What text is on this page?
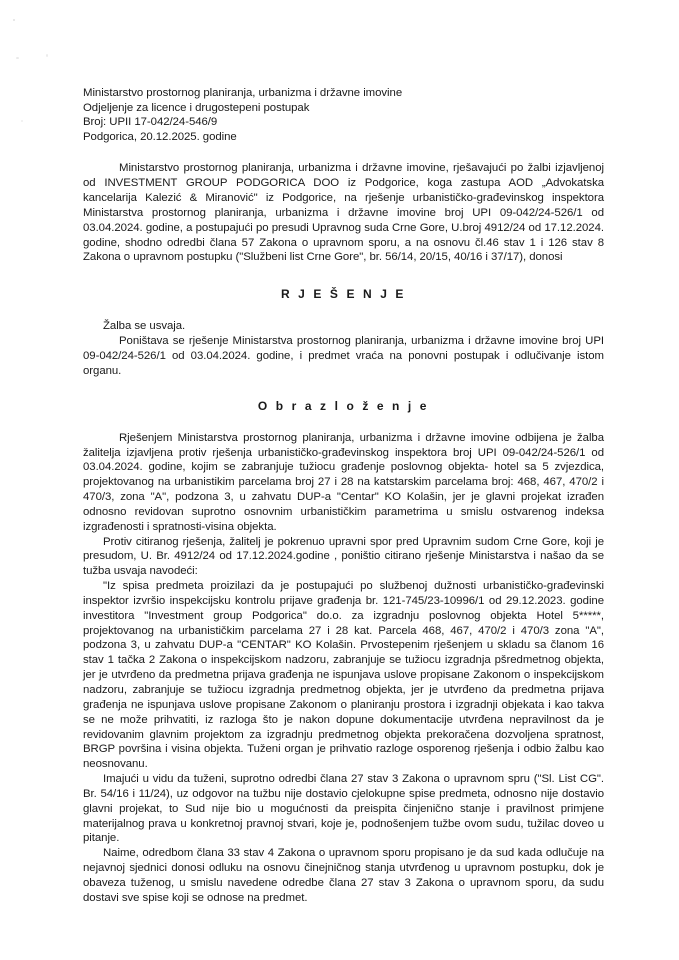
Ministarstvo prostornog planiranja, urbanizma i državne imovine
Odjeljenje za licence i drugostepeni postupak
Broj: UPII 17-042/24-546/9
Podgorica, 20.12.2025. godine

Ministarstvo prostornog planiranja, urbanizma i državne imovine, rješavajući po žalbi izjavljenoj od INVESTMENT GROUP PODGORICA DOO iz Podgorice, koga zastupa AOD „Advokatska kancelarija Kalezić & Miranović" iz Podgorice, na rješenje urbanističko-građevinskog inspektora Ministarstva prostornog planiranja, urbanizma i državne imovine broj UPI 09-042/24-526/1 od 03.04.2024. godine, a postupajući po presudi Upravnog suda Crne Gore, U.broj 4912/24 od 17.12.2024. godine, shodno odredbi člana 57 Zakona o upravnom sporu, a na osnovu čl.46 stav 1 i 126 stav 8 Zakona o upravnom postupku ("Službeni list Crne Gore", br. 56/14, 20/15, 40/16 i 37/17), donosi

R J E Š E N J E

Žalba se usvaja.

Poništava se rješenje Ministarstva prostornog planiranja, urbanizma i državne imovine broj UPI 09-042/24-526/1 od 03.04.2024. godine, i predmet vraća na ponovni postupak i odlučivanje istom organu.

O b r a z l o ž e n j e

Rješenjem Ministarstva prostornog planiranja, urbanizma i državne imovine odbijena je žalba žalitelja izjavljena protiv rješenja urbanističko-građevinskog inspektora broj UPI 09-042/24-526/1 od 03.04.2024. godine, kojim se zabranjuje tužiocu građenje poslovnog objekta- hotel sa 5 zvjezdica, projektovanog na urbanistikim parcelama broj 27 i 28 na katstarskim parcelama broj: 468, 467, 470/2 i 470/3, zona "A", podzona 3, u zahvatu DUP-a "Centar" KO Kolašin, jer je glavni projekat izrađen odnosno revidovan suprotno osnovnim urbanističkim parametrima u smislu ostvarenog indeksa izgrađenosti i spratnosti-visina objekta.

Protiv citiranog rješenja, žalitelj je pokrenuo upravni spor pred Upravnim sudom Crne Gore, koji je presudom, U. Br. 4912/24 od 17.12.2024.godine , poništio citirano rješenje Ministarstva i našao da se tužba usvaja navodeći:

"Iz spisa predmeta proizilazi da je postupajući po službenoj dužnosti urbanističko-građevinski inspektor izvršio inspekcijsku kontrolu prijave građenja br. 121-745/23-10996/1 od 29.12.2023. godine investitora "Investment group Podgorica" do.o. za izgradnju poslovnog objekta Hotel 5*****, projektovanog na urbanističkim parcelama 27 i 28 kat. Parcela 468, 467, 470/2 i 470/3 zona "A", podzona 3, u zahvatu DUP-a "CENTAR" KO Kolašin. Prvostepenim rješenjem u skladu sa članom 16 stav 1 tačka 2 Zakona o inspekcijskom nadzoru, zabranjuje se tužiocu izgradnja pšredmetnog objekta, jer je utvrđeno da predmetna prijava građenja ne ispunjava uslove propisane Zakonom o inspekcijskom nadzoru, zabranjuje se tužiocu izgradnja predmetnog objekta, jer je utvrđeno da predmetna prijava građenja ne ispunjava uslove propisane Zakonom o planiranju prostora i izgradnji objekata i kao takva se ne može prihvatiti, iz razloga što je nakon dopune dokumentacije utvrđena nepravilnost da je revidovanim glavnim projektom za izgradnju predmetnog objekta prekoračena dozvoljena spratnost, BRGP površina i visina objekta. Tuženi organ je prihvatio razloge osporenog rješenja i odbio žalbu kao neosnovanu.

Imajući u vidu da tuženi, suprotno odredbi člana 27 stav 3 Zakona o upravnom spru ("Sl. List CG". Br. 54/16 i 11/24), uz odgovor na tužbu nije dostavio cjelokupne spise predmeta, odnosno nije dostavio glavni projekat, to Sud nije bio u mogućnosti da preispita činjenično stanje i pravilnost primjene materijalnog prava u konkretnoj pravnoj stvari, koje je, podnošenjem tužbe ovom sudu, tužilac doveo u pitanje.

Naime, odredbom člana 33 stav 4 Zakona o upravnom sporu propisano je da sud kada odlučuje na nejavnoj sjednici donosi odluku na osnovu činejničnog stanja utvrđenog u upravnom postupku, dok je obaveza tuženog, u smislu navedene odredbe člana 27 stav 3 Zakona o upravnom sporu, da sudu dostavi sve spise koji se odnose na predmet.
